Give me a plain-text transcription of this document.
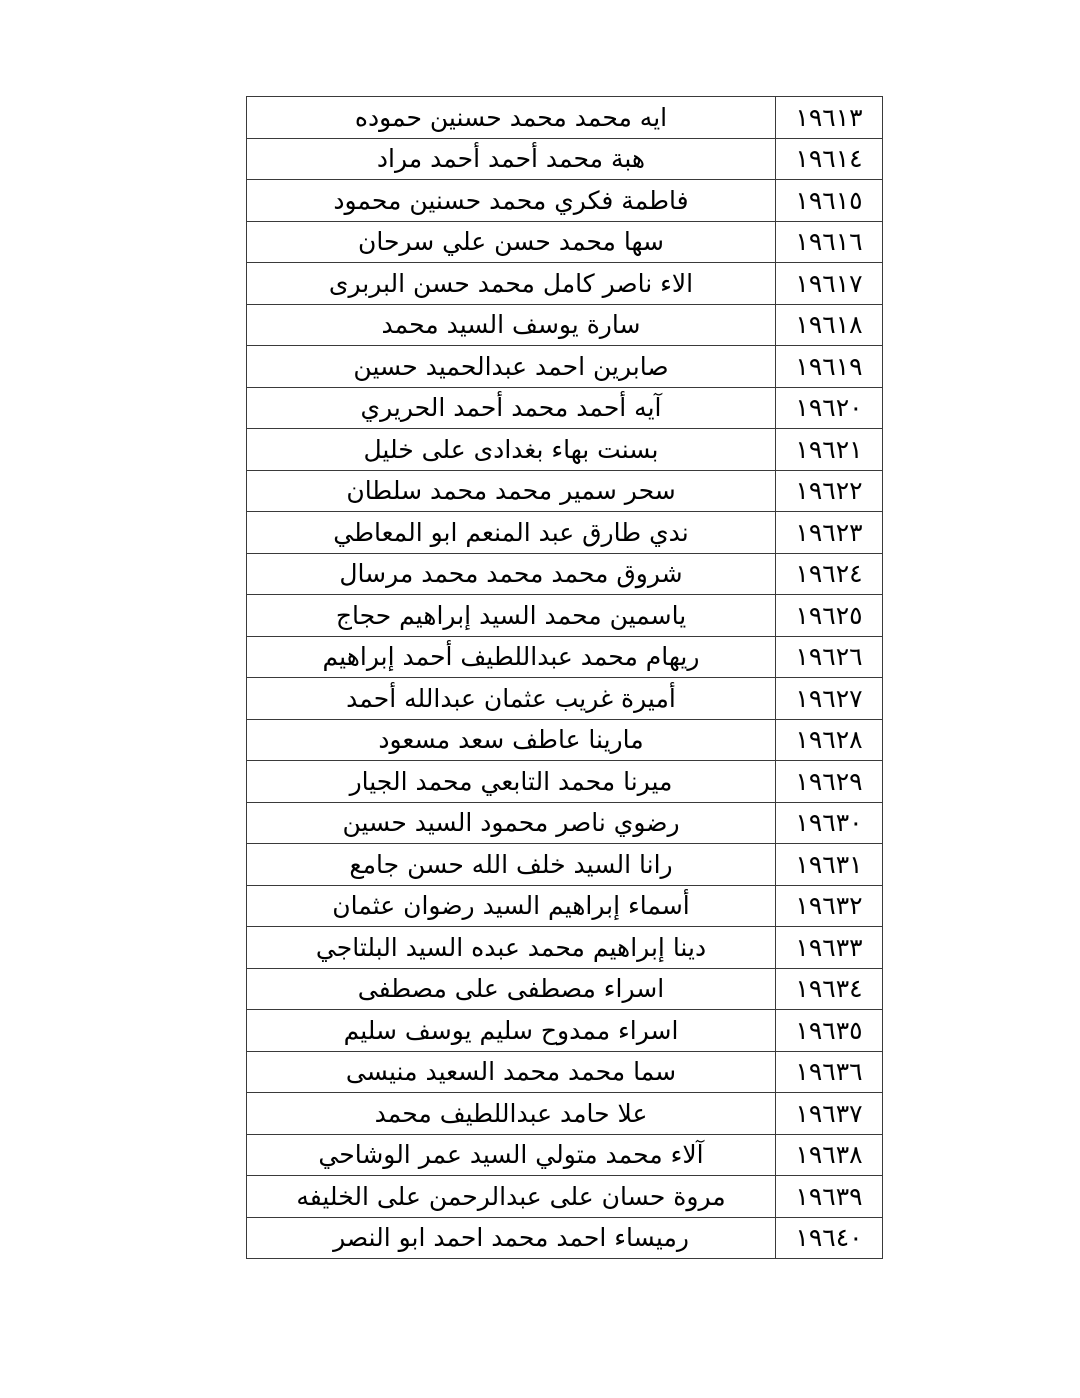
١٩٦١٣	ايه محمد محمد حسنين حموده
١٩٦١٤	هبة محمد أحمد أحمد مراد
١٩٦١٥	فاطمة فكري محمد حسنين محمود
١٩٦١٦	سها محمد حسن علي سرحان
١٩٦١٧	الاء ناصر كامل محمد حسن البربرى
١٩٦١٨	سارة يوسف السيد محمد
١٩٦١٩	صابرين احمد عبدالحميد حسين
١٩٦٢٠	آيه أحمد محمد أحمد الحريري
١٩٦٢١	بسنت بهاء بغدادى على خليل
١٩٦٢٢	سحر سمير محمد محمد سلطان
١٩٦٢٣	ندي طارق عبد المنعم ابو المعاطي
١٩٦٢٤	شروق محمد محمد محمد مرسال
١٩٦٢٥	ياسمين محمد السيد إبراهيم حجاج
١٩٦٢٦	ريهام محمد عبداللطيف أحمد إبراهيم
١٩٦٢٧	أميرة غريب عثمان عبدالله أحمد
١٩٦٢٨	مارينا عاطف سعد مسعود
١٩٦٢٩	ميرنا محمد التابعي محمد الجيار
١٩٦٣٠	رضوي ناصر محمود السيد حسين
١٩٦٣١	رانا السيد خلف الله حسن جامع
١٩٦٣٢	أسماء إبراهيم السيد رضوان عثمان
١٩٦٣٣	دينا إبراهيم محمد عبده السيد البلتاجي
١٩٦٣٤	اسراء مصطفى على مصطفى
١٩٦٣٥	اسراء ممدوح سليم يوسف سليم
١٩٦٣٦	سما محمد محمد السعيد منيسى
١٩٦٣٧	علا حامد عبداللطيف محمد
١٩٦٣٨	آلاء محمد متولي السيد عمر الوشاحي
١٩٦٣٩	مروة حسان على عبدالرحمن على الخليفه
١٩٦٤٠	رميساء احمد محمد احمد ابو النصر
